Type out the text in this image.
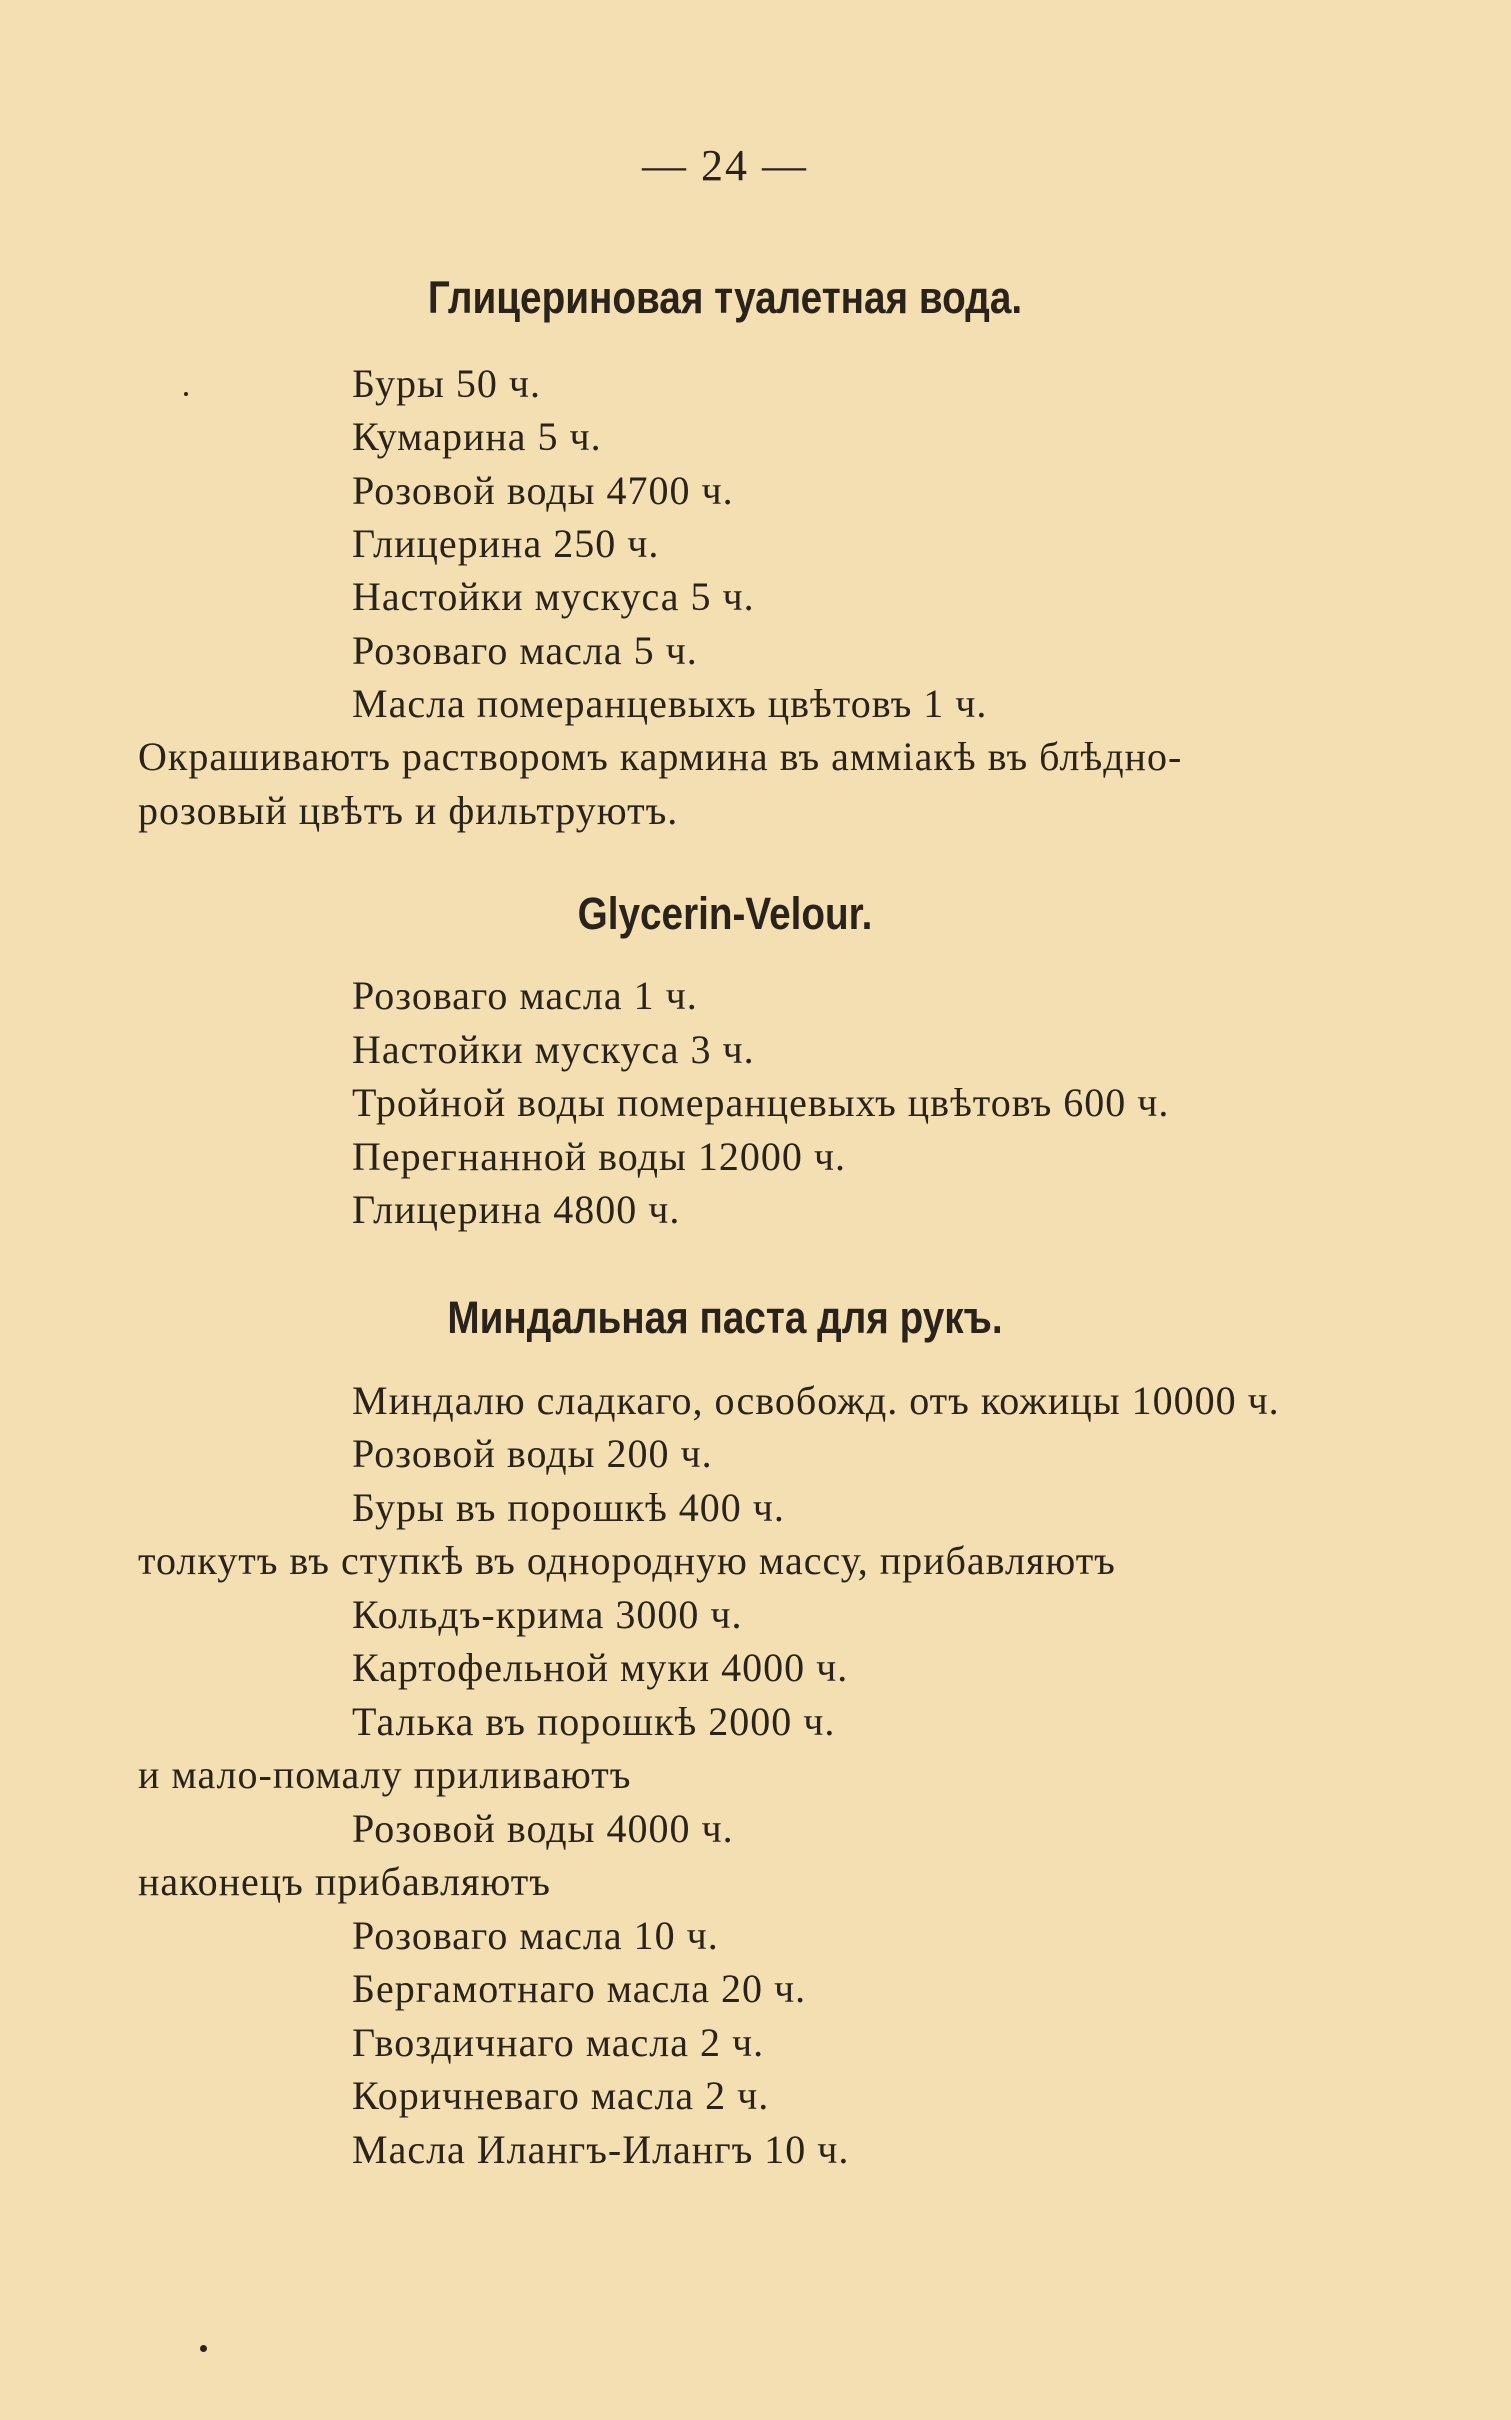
— 24 —
Глицериновая туалетная вода.
Буры 50 ч.
Кумарина 5 ч.
Розовой воды 4700 ч.
Глицерина 250 ч.
Настойки мускуса 5 ч.
Розоваго масла 5 ч.
Масла померанцевыхъ цвѣтовъ 1 ч.
Окрашиваютъ растворомъ кармина въ амміакѣ въ блѣдно-
розовый цвѣтъ и фильтруютъ.
Glycerin-Velour.
Розоваго масла 1 ч.
Настойки мускуса 3 ч.
Тройной воды померанцевыхъ цвѣтовъ 600 ч.
Перегнанной воды 12000 ч.
Глицерина 4800 ч.
Миндальная паста для рукъ.
Миндалю сладкаго, освобожд. отъ кожицы 10000 ч.
Розовой воды 200 ч.
Буры въ порошкѣ 400 ч.
толкутъ въ ступкѣ въ однородную массу, прибавляютъ
Кольдъ-крима 3000 ч.
Картофельной муки 4000 ч.
Талька въ порошкѣ 2000 ч.
и мало-помалу приливаютъ
Розовой воды 4000 ч.
наконецъ прибавляютъ
Розоваго масла 10 ч.
Бергамотнаго масла 20 ч.
Гвоздичнаго масла 2 ч.
Коричневаго масла 2 ч.
Масла Илангъ-Илангъ 10 ч.
